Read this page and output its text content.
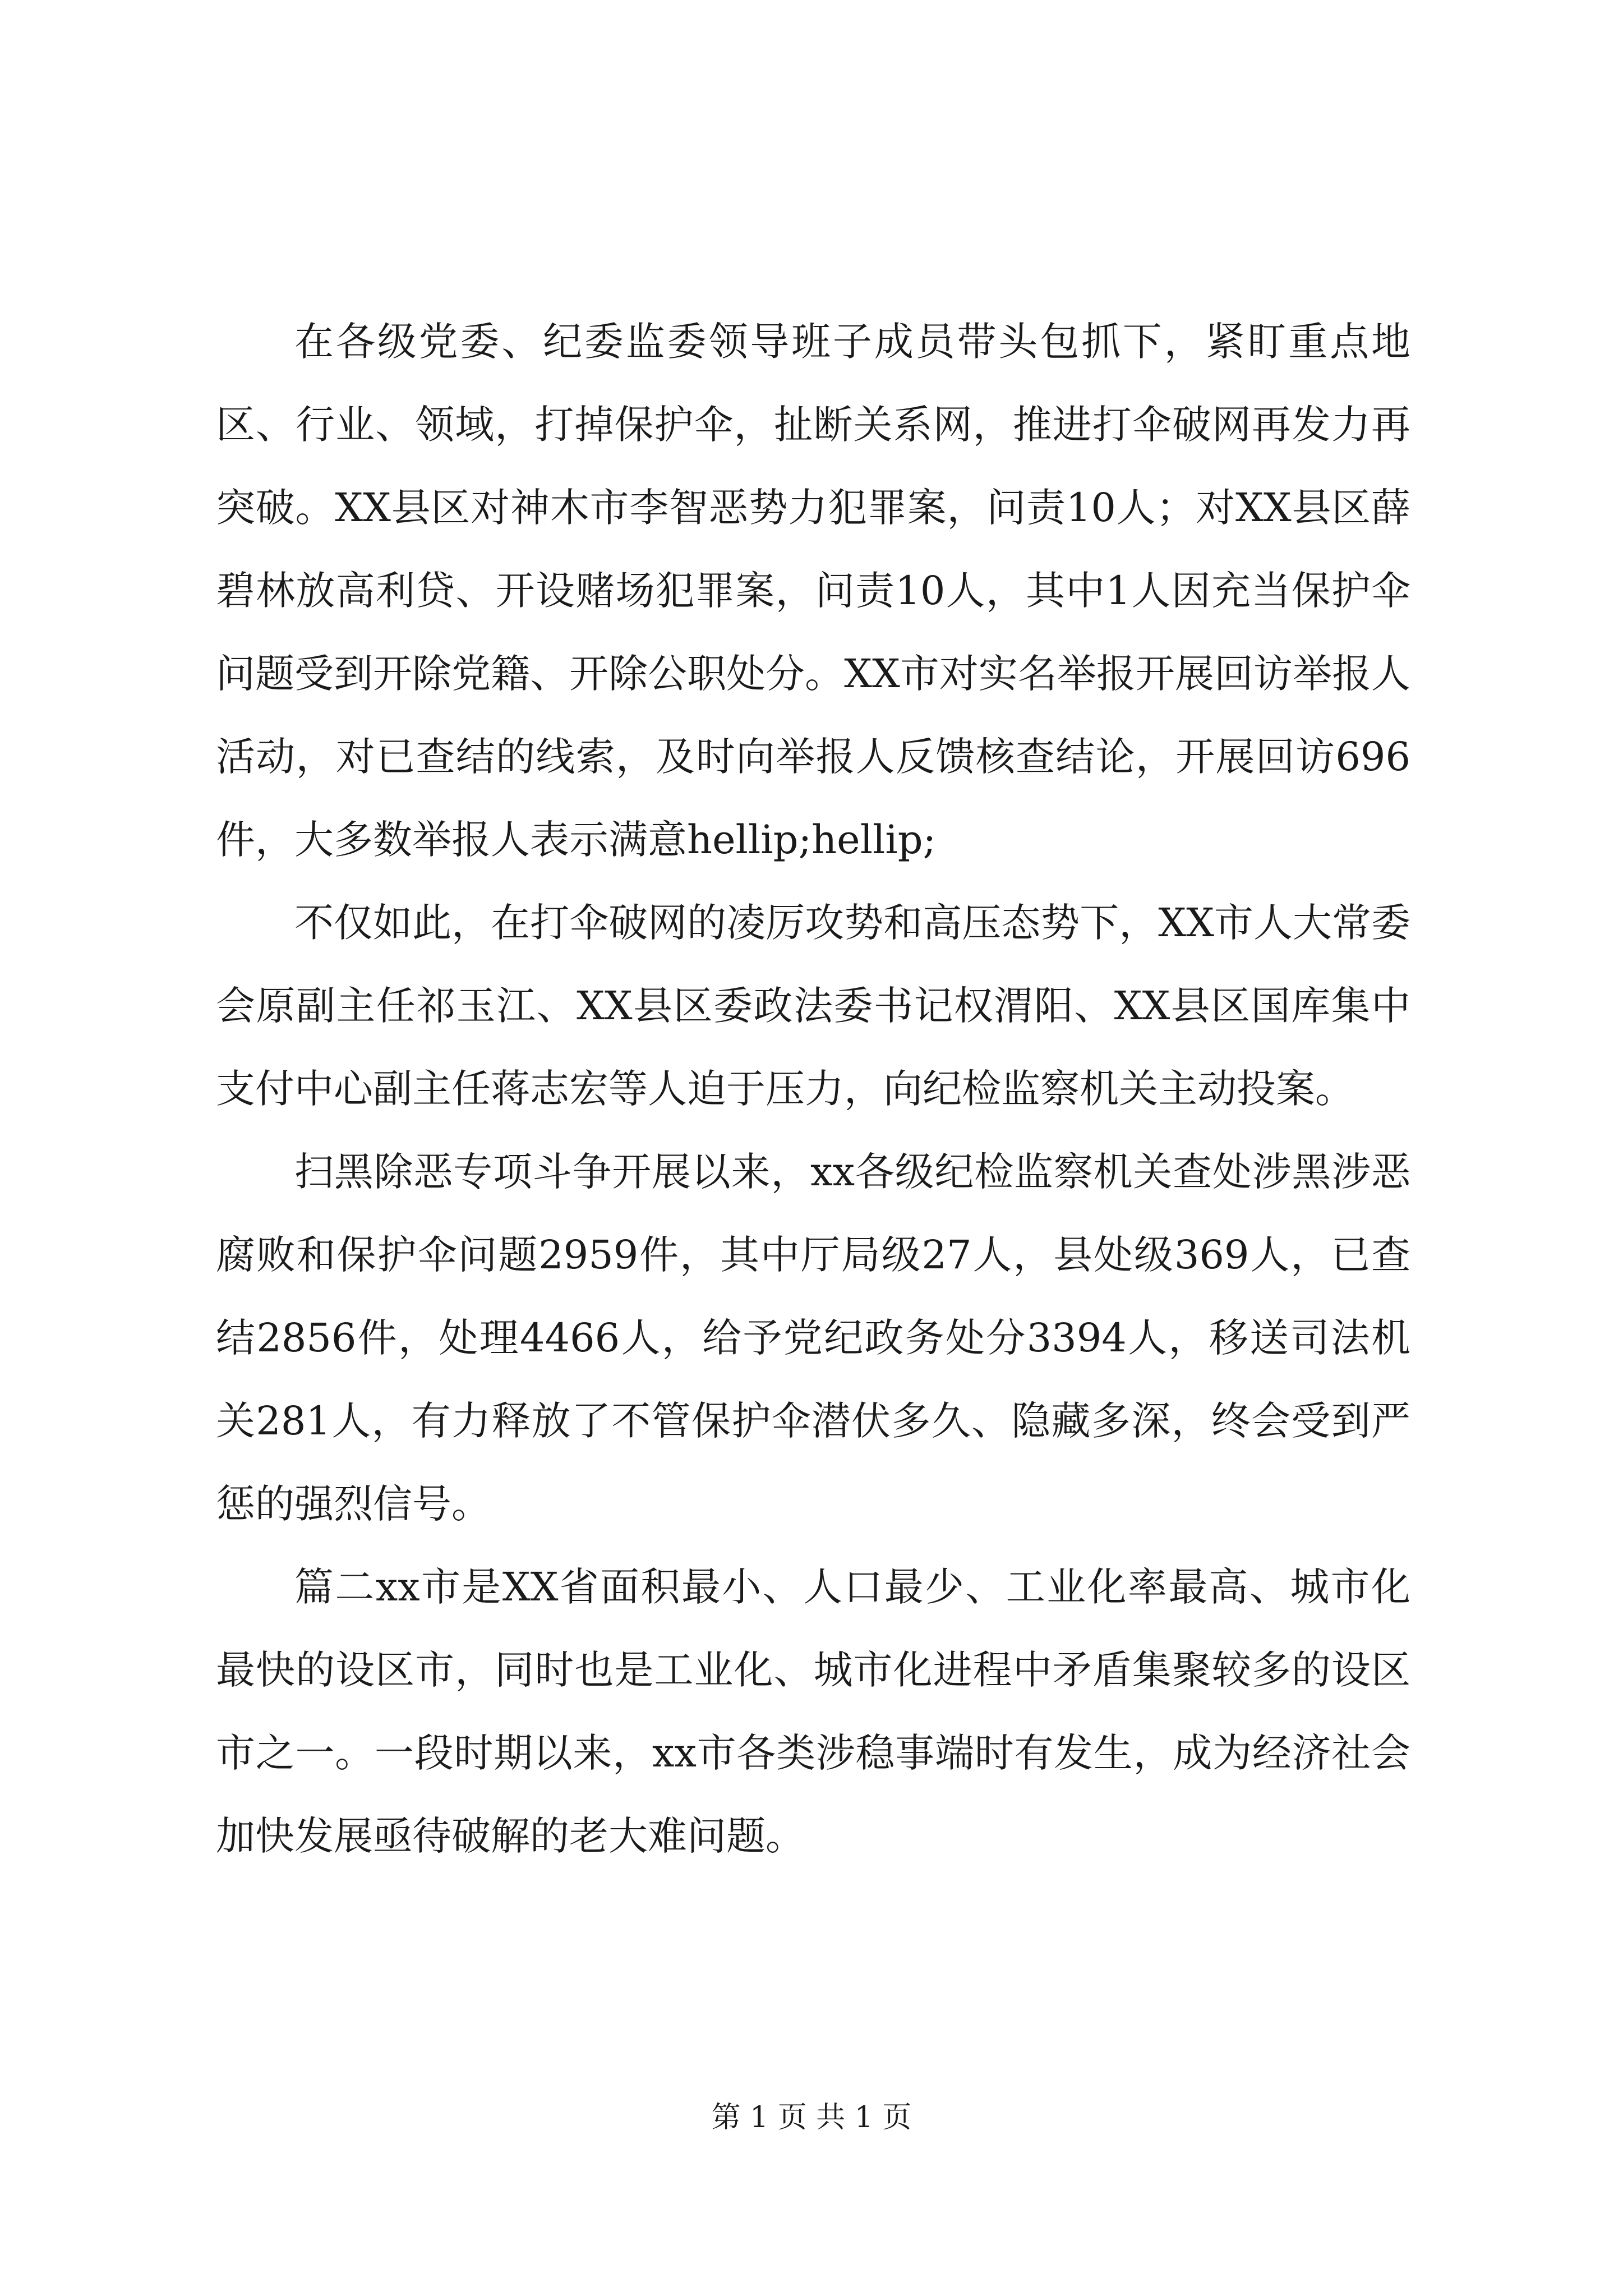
在各级党委、纪委监委领导班子成员带头包抓下，紧盯重点地区、行业、领域，打掉保护伞，扯断关系网，推进打伞破网再发力再突破。XX县区对神木市李智恶势力犯罪案，问责10人；对XX县区薛碧林放高利贷、开设赌场犯罪案，问责10人，其中1人因充当保护伞问题受到开除党籍、开除公职处分。XX市对实名举报开展回访举报人活动，对已查结的线索，及时向举报人反馈核查结论，开展回访696件，大多数举报人表示满意hellip;hellip;

不仅如此，在打伞破网的凌厉攻势和高压态势下，XX市人大常委会原副主任祁玉江、XX县区委政法委书记权渭阳、XX县区国库集中支付中心副主任蒋志宏等人迫于压力，向纪检监察机关主动投案。

扫黑除恶专项斗争开展以来，xx各级纪检监察机关查处涉黑涉恶腐败和保护伞问题2959件，其中厅局级27人，县处级369人，已查结2856件，处理4466人，给予党纪政务处分3394人，移送司法机关281人，有力释放了不管保护伞潜伏多久、隐藏多深，终会受到严惩的强烈信号。

篇二xx市是XX省面积最小、人口最少、工业化率最高、城市化最快的设区市，同时也是工业化、城市化进程中矛盾集聚较多的设区市之一。一段时期以来，xx市各类涉稳事端时有发生，成为经济社会加快发展亟待破解的老大难问题。

第 1 页 共 1 页
